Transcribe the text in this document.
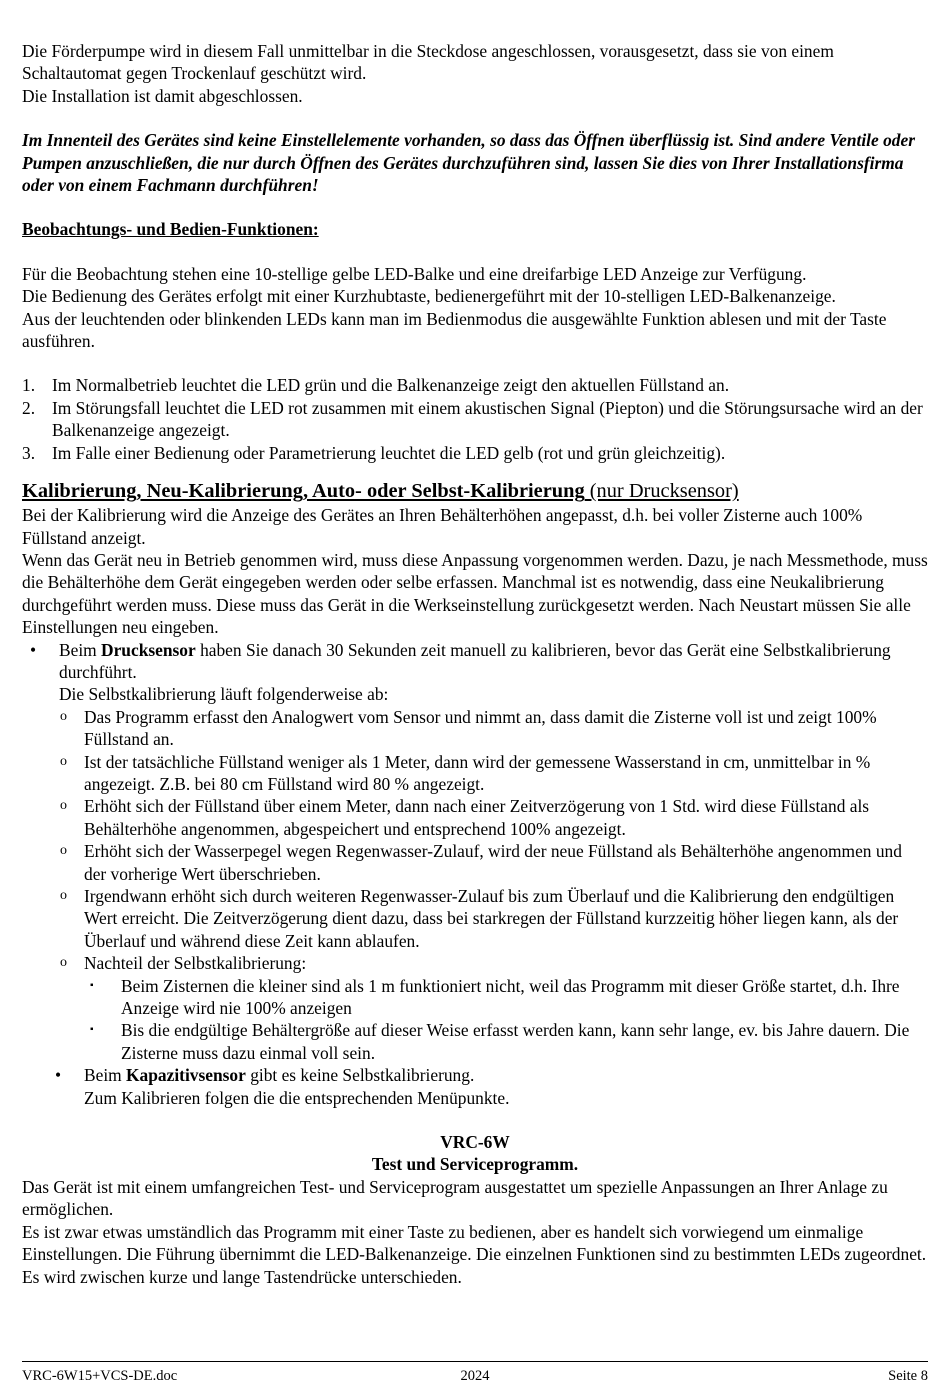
Die Förderpumpe wird in diesem Fall unmittelbar in die Steckdose angeschlossen, vorausgesetzt, dass sie von einem Schaltautomat gegen Trockenlauf geschützt wird.

Die Installation ist damit abgeschlossen.

Im Innenteil des Gerätes sind keine Einstellelemente vorhanden, so dass das Öffnen überflüssig ist. Sind andere Ventile oder Pumpen anzuschließen, die nur durch Öffnen des Gerätes durchzuführen sind, lassen Sie dies von Ihrer Installationsfirma oder von einem Fachmann durchführen!

Beobachtungs- und Bedien-Funktionen:

Für die Beobachtung stehen eine 10-stellige gelbe LED-Balke und eine dreifarbige LED Anzeige zur Verfügung.

Die Bedienung des Gerätes erfolgt mit einer Kurzhubtaste, bedienergeführt mit der 10-stelligen LED-Balkenanzeige.

Aus der leuchtenden oder blinkenden LEDs kann man im Bedienmodus die ausgewählte Funktion ablesen und mit der Taste ausführen.

1. Im Normalbetrieb leuchtet die LED grün und die Balkenanzeige zeigt den aktuellen Füllstand an.
2. Im Störungsfall leuchtet die LED rot zusammen mit einem akustischen Signal (Piepton) und die Störungsursache wird an der Balkenanzeige angezeigt.
3. Im Falle einer Bedienung oder Parametrierung leuchtet die LED gelb (rot und grün gleichzeitig).

Kalibrierung, Neu-Kalibrierung, Auto- oder Selbst-Kalibrierung (nur Drucksensor)

Bei der Kalibrierung wird die Anzeige des Gerätes an Ihren Behälterhöhen angepasst, d.h. bei voller Zisterne auch 100% Füllstand anzeigt.

Wenn das Gerät neu in Betrieb genommen wird, muss diese Anpassung vorgenommen werden. Dazu, je nach Messmethode, muss die Behälterhöhe dem Gerät eingegeben werden oder selbe erfassen. Manchmal ist es notwendig, dass eine Neukalibrierung durchgeführt werden muss. Diese muss das Gerät in die Werkseinstellung zurückgesetzt werden. Nach Neustart müssen Sie alle Einstellungen neu eingeben.

• Beim Drucksensor haben Sie danach 30 Sekunden zeit manuell zu kalibrieren, bevor das Gerät eine Selbstkalibrierung durchführt.

Die Selbstkalibrierung läuft folgenderweise ab:

o Das Programm erfasst den Analogwert vom Sensor und nimmt an, dass damit die Zisterne voll ist und zeigt 100% Füllstand an.
o Ist der tatsächliche Füllstand weniger als 1 Meter, dann wird der gemessene Wasserstand in cm, unmittelbar in % angezeigt. Z.B. bei 80 cm Füllstand wird 80 % angezeigt.
o Erhöht sich der Füllstand über einem Meter, dann nach einer Zeitverzögerung von 1 Std. wird diese Füllstand als Behälterhöhe angenommen, abgespeichert und entsprechend 100% angezeigt.
o Erhöht sich der Wasserpegel wegen Regenwasser-Zulauf, wird der neue Füllstand als Behälterhöhe angenommen und der vorherige Wert überschrieben.
o Irgendwann erhöht sich durch weiteren Regenwasser-Zulauf bis zum Überlauf und die Kalibrierung den endgültigen Wert erreicht. Die Zeitverzögerung dient dazu, dass bei starkregen der Füllstand kurzzeitig höher liegen kann, als der Überlauf und während diese Zeit kann ablaufen.
o Nachteil der Selbstkalibrierung:
▪ Beim Zisternen die kleiner sind als 1 m funktioniert nicht, weil das Programm mit dieser Größe startet, d.h. Ihre Anzeige wird nie 100% anzeigen
▪ Bis die endgültige Behältergröße auf dieser Weise erfasst werden kann, kann sehr lange, ev. bis Jahre dauern. Die Zisterne muss dazu einmal voll sein.
• Beim Kapazitivsensor gibt es keine Selbstkalibrierung.

Zum Kalibrieren folgen die die entsprechenden Menüpunkte.

VRC-6W

Test und Serviceprogramm.

Das Gerät ist mit einem umfangreichen Test- und Serviceprogram ausgestattet um spezielle Anpassungen an Ihrer Anlage zu ermöglichen.

Es ist zwar etwas umständlich das Programm mit einer Taste zu bedienen, aber es handelt sich vorwiegend um einmalige Einstellungen. Die Führung übernimmt die LED-Balkenanzeige. Die einzelnen Funktionen sind zu bestimmten LEDs zugeordnet.

Es wird zwischen kurze und lange Tastendrücke unterschieden.

VRC-6W15+VCS-DE.doc	2024	Seite 8
